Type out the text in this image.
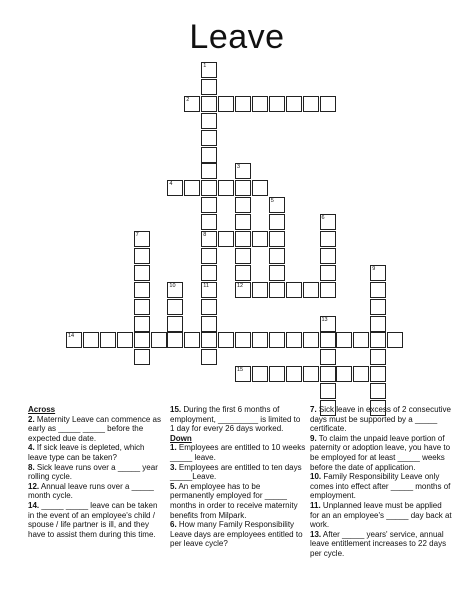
Leave
1
8
11
2
3
4
5
6
7
9
10	12
13
14
15

Across

2. Maternity Leave can commence as early as _____ _____ before the expected due date.

4. If sick leave is depleted, which leave type can be taken?

8. Sick leave runs over a _____ year rolling cycle.

12. Annual leave runs over a _____ month cycle.

14. _____ _____ leave can be taken in the event of an employee's child / spouse / life partner is ill, and they have to assist them during this time.

15. During the first 6 months of employment, _________ is limited to 1 day for every 26 days worked.

Down

1. Employees are entitled to 10 weeks _____ leave.

3. Employees are entitled to ten days _____Leave.

5. An employee has to be permanently employed for _____ months in order to receive maternity benefits from Milpark.

6. How many Family Responsibility Leave days are employees entitled to per leave cycle?

7. Sick leave in excess of 2 consecutive days must be supported by a _____ certificate.

9. To claim the unpaid leave portion of paternity or adoption leave, you have to be employed for at least _____ weeks before the date of application.

10. Family Responsibility Leave only comes into effect after _____ months of employment.

11. Unplanned leave must be applied for an an employee's _____ day back at work.

13. After _____ years' service, annual leave entitlement increases to 22 days per cycle.
